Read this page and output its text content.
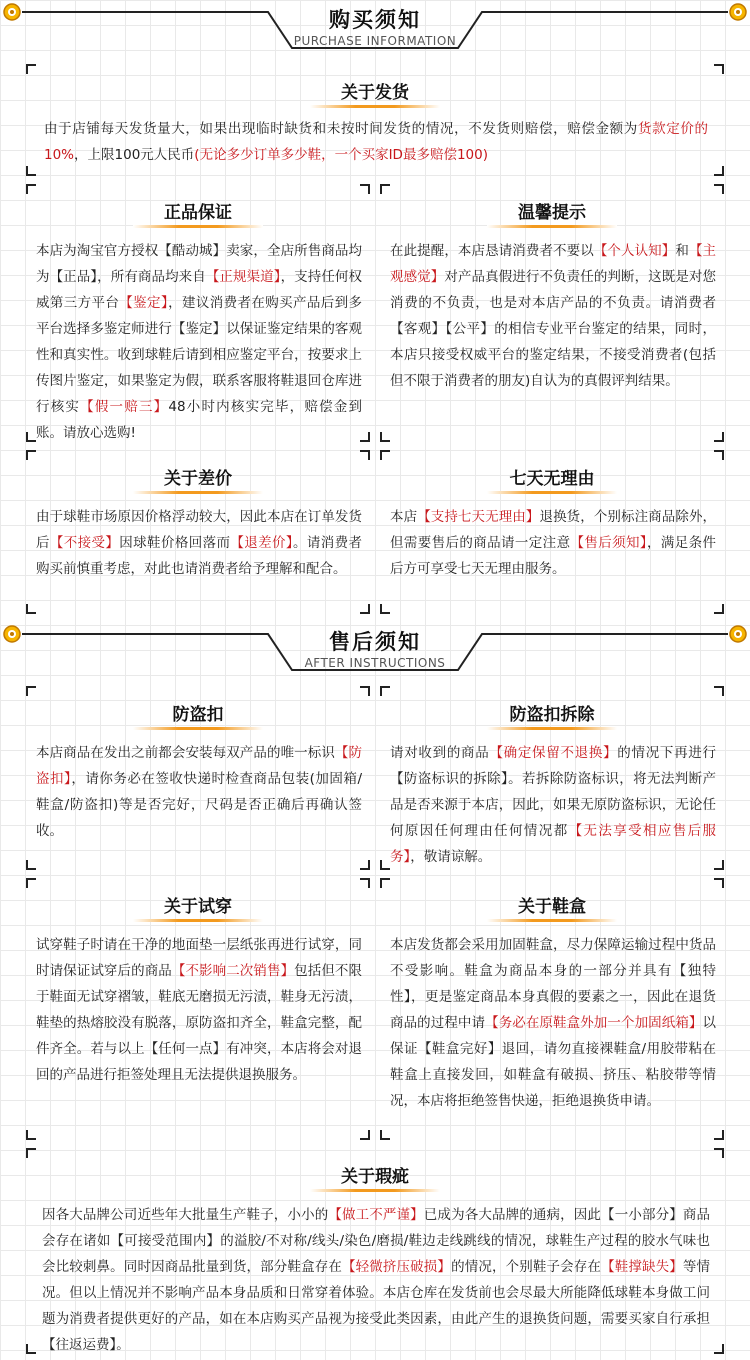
购买须知
PURCHASE INFORMATION
关于发货
由于店铺每天发货量大，如果出现临时缺货和未按时间发货的情况，不发货则赔偿，赔偿金额为货款定价的10%，上限100元人民币(无论多少订单多少鞋，一个买家ID最多赔偿100)
正品保证
本店为淘宝官方授权【酷动城】卖家，全店所售商品均为【正品】，所有商品均来自【正规渠道】，支持任何权威第三方平台【鉴定】，建议消费者在购买产品后到多平台选择多鉴定师进行【鉴定】以保证鉴定结果的客观性和真实性。收到球鞋后请到相应鉴定平台，按要求上传图片鉴定，如果鉴定为假，联系客服将鞋退回仓库进行核实【假一赔三】48小时内核实完毕，赔偿金到账。请放心选购!
温馨提示
在此提醒，本店恳请消费者不要以【个人认知】和【主观感觉】对产品真假进行不负责任的判断，这既是对您消费的不负责，也是对本店产品的不负责。请消费者【客观】【公平】的相信专业平台鉴定的结果，同时，本店只接受权威平台的鉴定结果，不接受消费者(包括但不限于消费者的朋友)自认为的真假评判结果。
关于差价
由于球鞋市场原因价格浮动较大，因此本店在订单发货后【不接受】因球鞋价格回落而【退差价】。请消费者购买前慎重考虑，对此也请消费者给予理解和配合。
七天无理由
本店【支持七天无理由】退换货，个别标注商品除外，但需要售后的商品请一定注意【售后须知】，满足条件后方可享受七天无理由服务。
售后须知
AFTER INSTRUCTIONS
防盗扣
本店商品在发出之前都会安装每双产品的唯一标识【防盗扣】，请你务必在签收快递时检查商品包装(加固箱/鞋盒/防盗扣)等是否完好，尺码是否正确后再确认签收。
防盗扣拆除
请对收到的商品【确定保留不退换】的情况下再进行【防盗标识的拆除】。若拆除防盗标识，将无法判断产品是否来源于本店，因此，如果无原防盗标识，无论任何原因任何理由任何情况都【无法享受相应售后服务】，敬请谅解。
关于试穿
试穿鞋子时请在干净的地面垫一层纸张再进行试穿，同时请保证试穿后的商品【不影响二次销售】包括但不限于鞋面无试穿褶皱，鞋底无磨损无污渍，鞋身无污渍，鞋垫的热熔胶没有脱落，原防盗扣齐全，鞋盒完整，配件齐全。若与以上【任何一点】有冲突，本店将会对退回的产品进行拒签处理且无法提供退换服务。
关于鞋盒
本店发货都会采用加固鞋盒，尽力保障运输过程中货品不受影响。鞋盒为商品本身的一部分并具有【独特性】，更是鉴定商品本身真假的要素之一，因此在退货商品的过程中请【务必在原鞋盒外加一个加固纸箱】以保证【鞋盒完好】退回，请勿直接裸鞋盒/用胶带粘在鞋盒上直接发回，如鞋盒有破损、挤压、粘胶带等情况，本店将拒绝签售快递，拒绝退换货申请。
关于瑕疵
因各大品牌公司近些年大批量生产鞋子，小小的【做工不严谨】已成为各大品牌的通病，因此【一小部分】商品会存在诸如【可接受范围内】的溢胶/不对称/线头/染色/磨损/鞋边走线跳线的情况，球鞋生产过程的胶水气味也会比较刺鼻。同时因商品批量到货，部分鞋盒存在【轻微挤压破损】的情况，个别鞋子会存在【鞋撑缺失】等情况。但以上情况并不影响产品本身品质和日常穿着体验。本店仓库在发货前也会尽最大所能降低球鞋本身做工问题为消费者提供更好的产品，如在本店购买产品视为接受此类因素，由此产生的退换货问题，需要买家自行承担【往返运费】。
